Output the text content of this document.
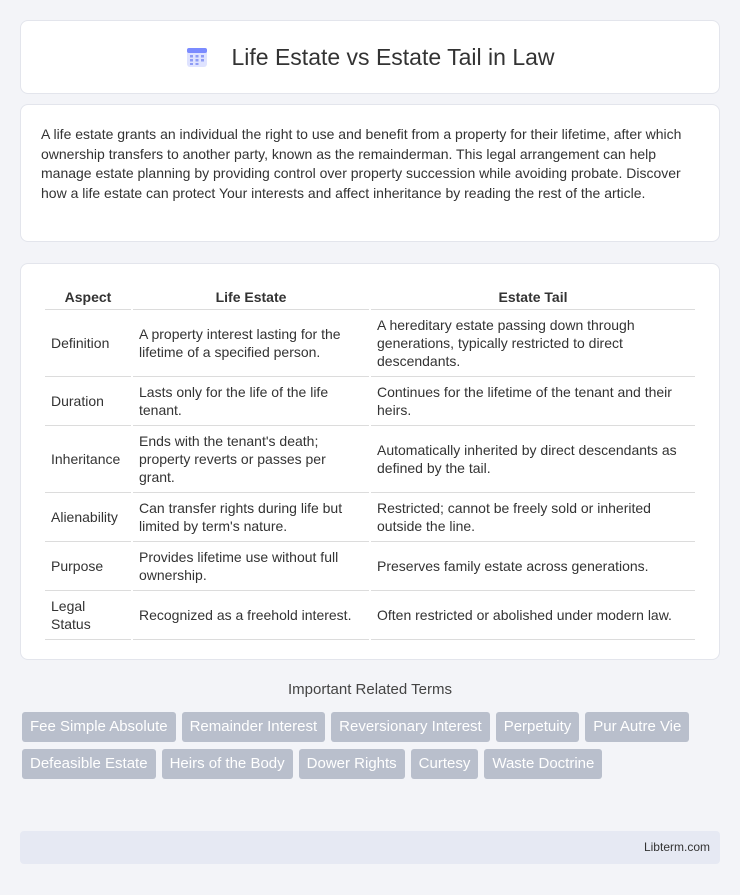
Life Estate vs Estate Tail in Law

A life estate grants an individual the right to use and benefit from a property for their lifetime, after which ownership transfers to another party, known as the remainderman. This legal arrangement can help manage estate planning by providing control over property succession while avoiding probate. Discover how a life estate can protect Your interests and affect inheritance by reading the rest of the article.

Aspect	Life Estate	Estate Tail
Definition	A property interest lasting for the lifetime of a specified person.	A hereditary estate passing down through generations, typically restricted to direct descendants.
Duration	Lasts only for the life of the life tenant.	Continues for the lifetime of the tenant and their heirs.
Inheritance	Ends with the tenant's death; property reverts or passes per grant.	Automatically inherited by direct descendants as defined by the tail.
Alienability	Can transfer rights during life but limited by term's nature.	Restricted; cannot be freely sold or inherited outside the line.
Purpose	Provides lifetime use without full ownership.	Preserves family estate across generations.
Legal Status	Recognized as a freehold interest.	Often restricted or abolished under modern law.
Important Related Terms
Fee Simple Absolute	Remainder Interest	Reversionary Interest	Perpetuity	Pur Autre Vie
Defeasible Estate	Heirs of the Body	Dower Rights	Curtesy	Waste Doctrine
Libterm.com
